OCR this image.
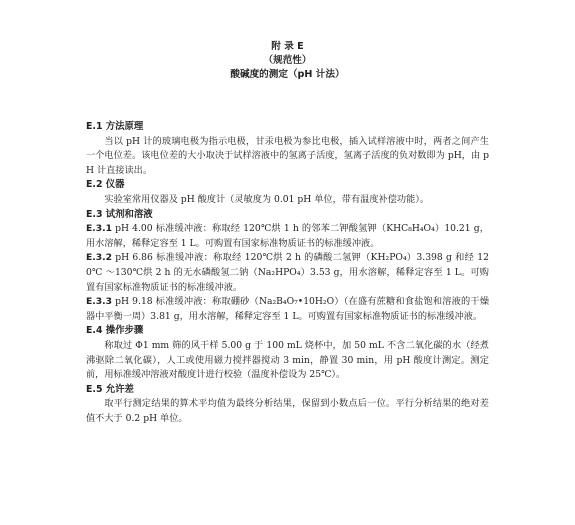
附 录 E
（规范性）
酸碱度的测定（pH 计法）
E.1 方法原理

当以 pH 计的玻璃电极为指示电极，甘汞电极为参比电极，插入试样溶液中时，两者之间产生一个电位差。该电位差的大小取决于试样溶液中的氢离子活度，氢离子活度的负对数即为 pH，由 pH 计直接读出。

E.2 仪器

实验室常用仪器及 pH 酸度计（灵敏度为 0.01 pH 单位，带有温度补偿功能）。

E.3 试剂和溶液

E.3.1 pH 4.00 标准缓冲液：称取经 120℃烘 1 h 的邻苯二钾酸氢钾（KHC₈H₄O₄）10.21 g，用水溶解，稀释定容至 1 L。可购置有国家标准物质证书的标准缓冲液。

E.3.2 pH 6.86 标准缓冲液：称取经 120℃烘 2 h 的磷酸二氢钾（KH₂PO₄）3.398 g 和经 120℃ ～130℃烘 2 h 的无水磷酸氢二钠（Na₂HPO₄）3.53 g，用水溶解，稀释定容至 1 L。可购置有国家标准物质证书的标准缓冲液。

E.3.3 pH 9.18 标准缓冲液：称取硼砂（Na₂B₄O₇•10H₂O）（在盛有蔗糖和食盐饱和溶液的干燥器中平衡一周）3.81 g，用水溶解，稀释定容至 1 L。可购置有国家标准物质证书的标准缓冲液。

E.4 操作步骤

称取过 Φ1 mm 筛的风干样 5.00 g 于 100 mL 烧杯中，加 50 mL 不含二氧化碳的水（经煮沸驱除二氧化碳），人工或使用磁力搅拌器搅动 3 min，静置 30 min，用 pH 酸度计测定。测定前，用标准缓冲溶液对酸度计进行校验（温度补偿设为 25℃）。

E.5 允许差

取平行测定结果的算术平均值为最终分析结果，保留到小数点后一位。平行分析结果的绝对差值不大于 0.2 pH 单位。
